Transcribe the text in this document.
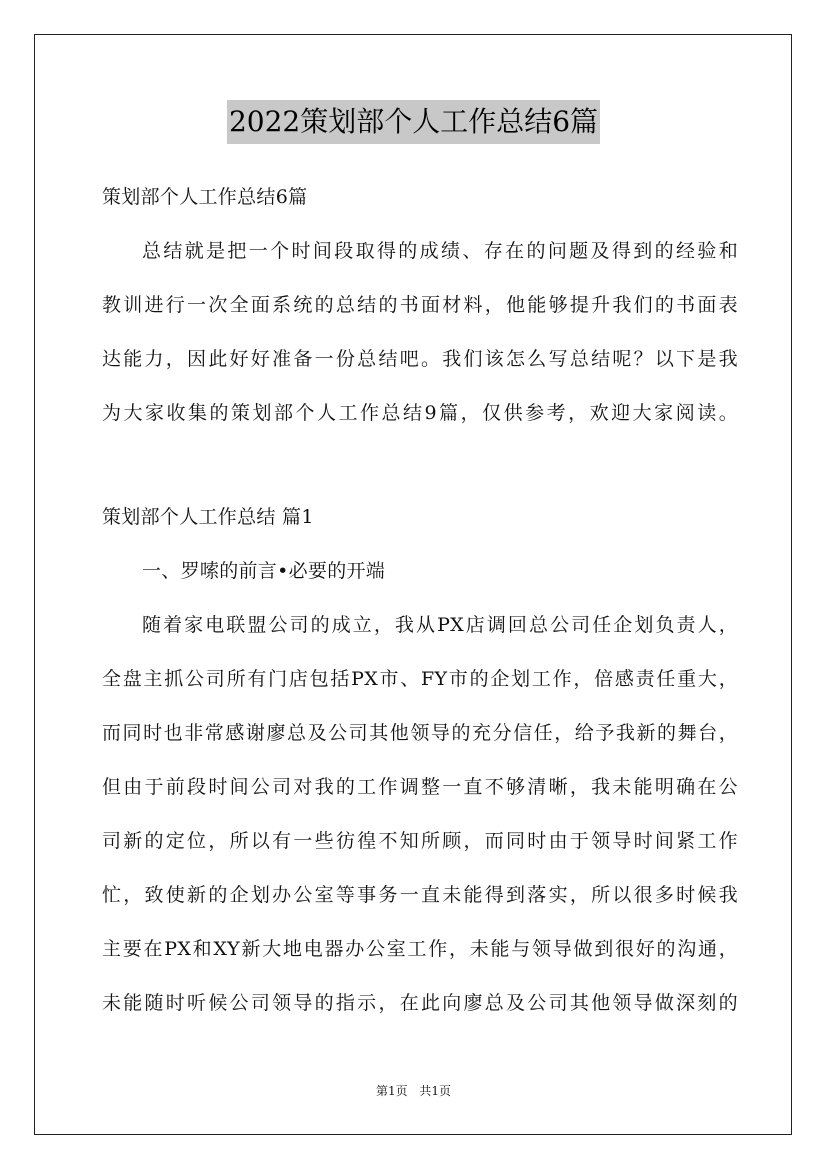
2022策划部个人工作总结6篇
策划部个人工作总结6篇
总结就是把一个时间段取得的成绩、存在的问题及得到的经验和
教训进行一次全面系统的总结的书面材料，他能够提升我们的书面表
达能力，因此好好准备一份总结吧。我们该怎么写总结呢？以下是我
为大家收集的策划部个人工作总结9篇，仅供参考，欢迎大家阅读。
策划部个人工作总结 篇1
一、罗嗦的前言•必要的开端
随着家电联盟公司的成立，我从PX店调回总公司任企划负责人，
全盘主抓公司所有门店包括PX市、FY市的企划工作，倍感责任重大，
而同时也非常感谢廖总及公司其他领导的充分信任，给予我新的舞台，
但由于前段时间公司对我的工作调整一直不够清晰，我未能明确在公
司新的定位，所以有一些彷徨不知所顾，而同时由于领导时间紧工作
忙，致使新的企划办公室等事务一直未能得到落实，所以很多时候我
主要在PX和XY新大地电器办公室工作，未能与领导做到很好的沟通，
未能随时听候公司领导的指示，在此向廖总及公司其他领导做深刻的
第1页 共1页
